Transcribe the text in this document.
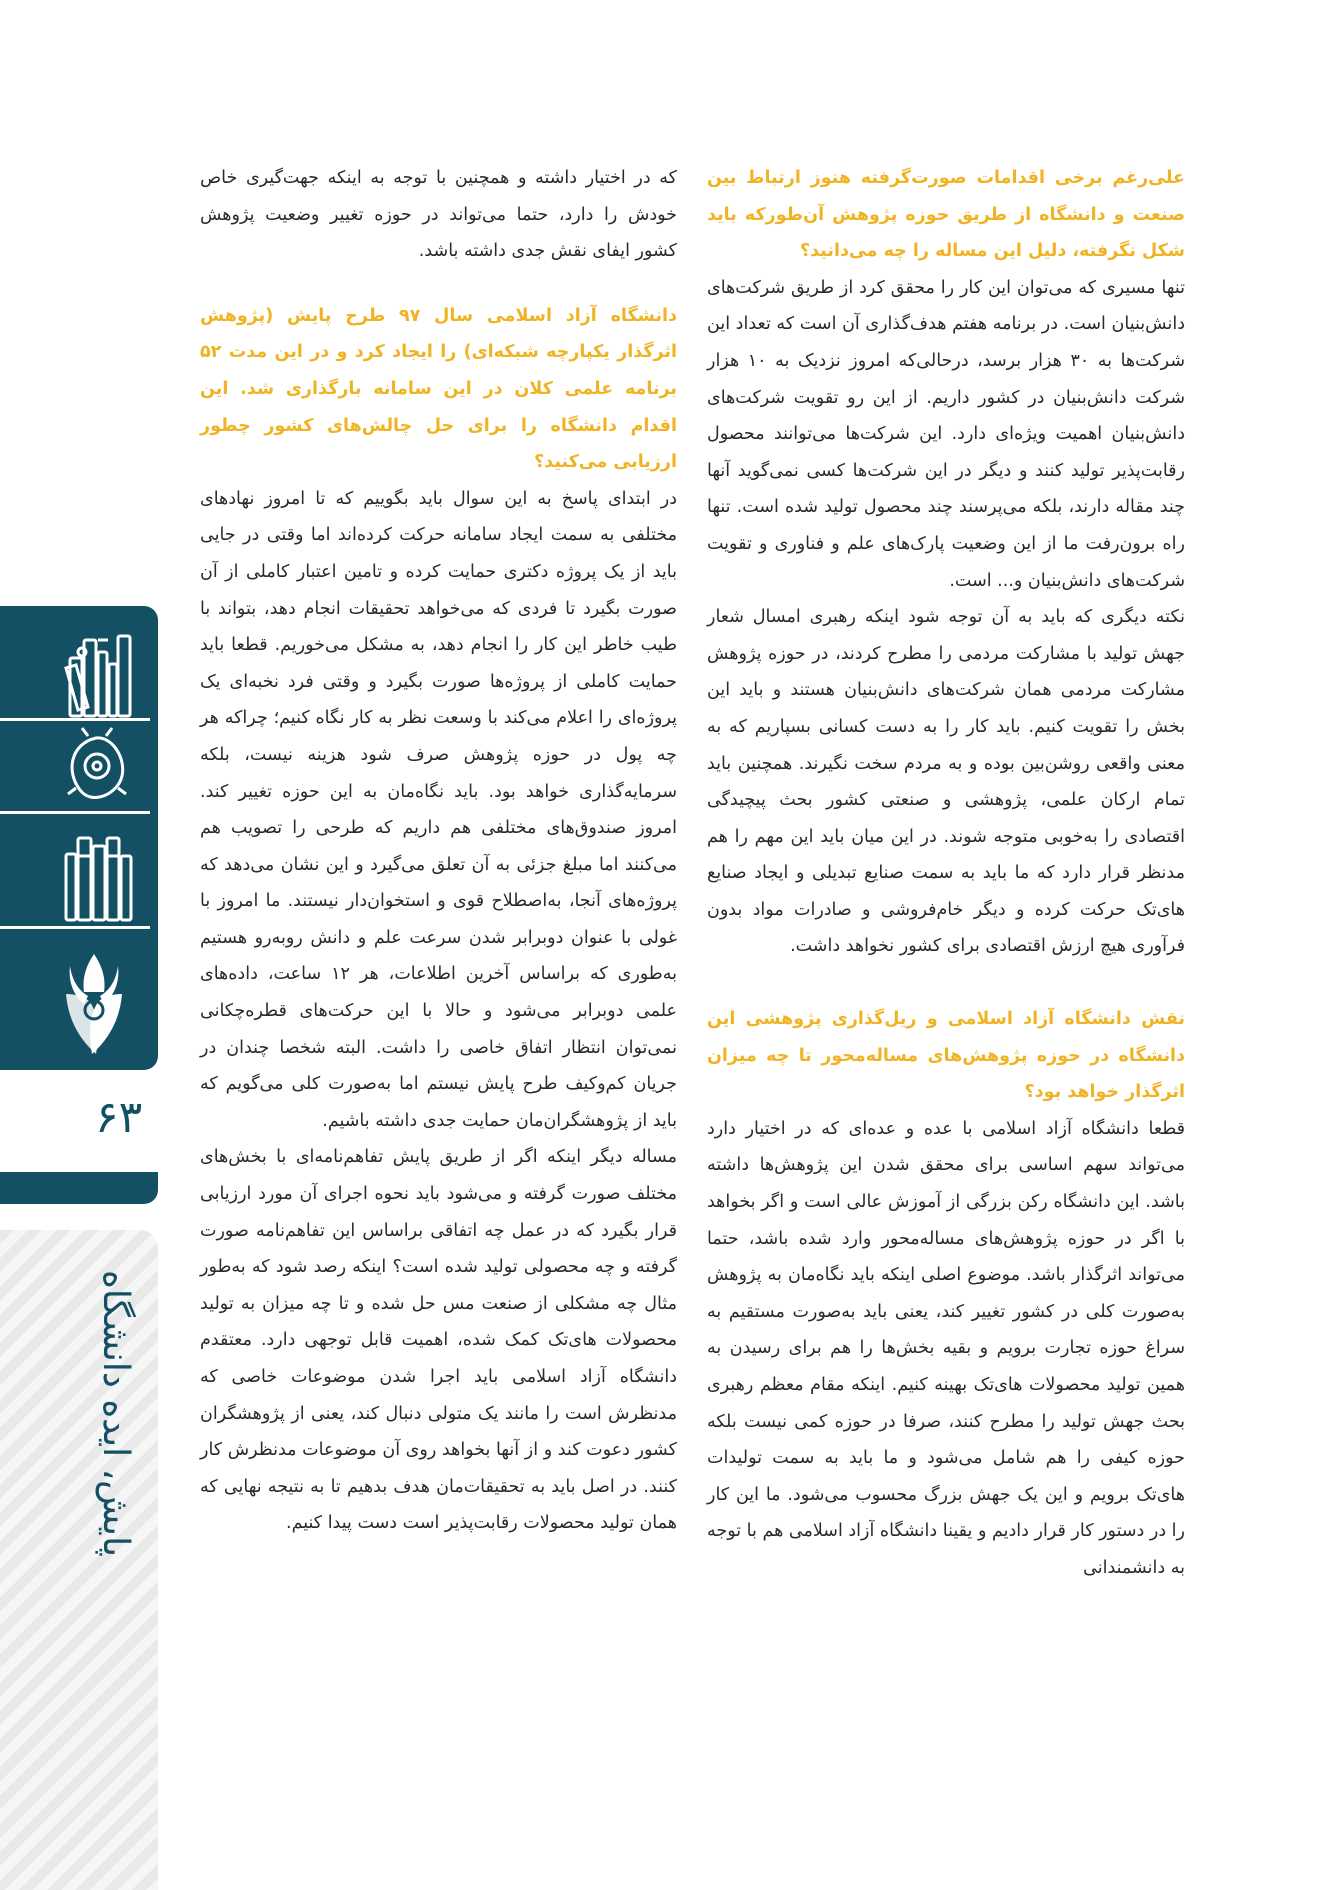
علی‌رغم برخی اقدامات صورت‌گرفته هنوز ارتباط بین صنعت و دانشگاه از طریق حوزه پژوهش آن‌طورکه باید شکل نگرفته، دلیل این مساله را چه می‌دانید؟

تنها مسیری که می‌توان این کار را محقق کرد از طریق شرکت‌های دانش‌بنیان است. در برنامه هفتم هدف‌گذاری آن است که تعداد این شرکت‌ها به ۳۰ هزار برسد، درحالی‌که امروز نزدیک به ۱۰ هزار شرکت دانش‌بنیان در کشور داریم. از این رو تقویت شرکت‌های دانش‌بنیان اهمیت ویژه‌ای دارد. این شرکت‌ها می‌توانند محصول رقابت‌پذیر تولید کنند و دیگر در این شرکت‌ها کسی نمی‌گوید آنها چند مقاله دارند، بلکه می‌پرسند چند محصول تولید شده است. تنها راه برون‌رفت ما از این وضعیت پارک‌های علم و فناوری و تقویت شرکت‌های دانش‌بنیان و... است.

نکته دیگری که باید به آن توجه شود اینکه رهبری امسال شعار جهش تولید با مشارکت مردمی را مطرح کردند، در حوزه پژوهش مشارکت مردمی همان شرکت‌های دانش‌بنیان هستند و باید این بخش را تقویت کنیم. باید کار را به دست کسانی بسپاریم که به معنی واقعی روشن‌بین بوده و به مردم سخت نگیرند. همچنین باید تمام ارکان علمی، پژوهشی و صنعتی کشور بحث پیچیدگی اقتصادی را به‌خوبی متوجه شوند. در این میان باید این مهم را هم مدنظر قرار دارد که ما باید به سمت صنایع تبدیلی و ایجاد صنایع های‌تک حرکت کرده و دیگر خام‌فروشی و صادرات مواد بدون فرآوری هیچ ارزش اقتصادی برای کشور نخواهد داشت.

نقش دانشگاه آزاد اسلامی و ریل‌گذاری پژوهشی این دانشگاه در حوزه پژوهش‌های مساله‌محور تا چه میزان اثرگذار خواهد بود؟

قطعا دانشگاه آزاد اسلامی با عده و عده‌ای که در اختیار دارد می‌تواند سهم اساسی برای محقق شدن این پژوهش‌ها داشته باشد. این دانشگاه رکن بزرگی از آموزش عالی است و اگر بخواهد با اگر در حوزه پژوهش‌های مساله‌محور وارد شده باشد، حتما می‌تواند اثرگذار باشد. موضوع اصلی اینکه باید نگاه‌مان به پژوهش به‌صورت کلی در کشور تغییر کند، یعنی باید به‌صورت مستقیم به سراغ حوزه تجارت برویم و بقیه بخش‌ها را هم برای رسیدن به همین تولید محصولات های‌تک بهینه کنیم. اینکه مقام معظم رهبری بحث جهش تولید را مطرح کنند، صرفا در حوزه کمی نیست بلکه حوزه کیفی را هم شامل می‌شود و ما باید به سمت تولیدات های‌تک برویم و این یک جهش بزرگ محسوب می‌شود. ما این کار را در دستور کار قرار دادیم و یقینا دانشگاه آزاد اسلامی هم با توجه به دانشمندانی

که در اختیار داشته و همچنین با توجه به اینکه جهت‌گیری خاص خودش را دارد، حتما می‌تواند در حوزه تغییر وضعیت پژوهش کشور ایفای نقش جدی داشته باشد.

دانشگاه آزاد اسلامی سال ۹۷ طرح پایش (پژوهش اثرگذار یکپارچه شبکه‌ای) را ایجاد کرد و در این مدت ۵۲ برنامه علمی کلان در این سامانه بارگذاری شد. این اقدام دانشگاه را برای حل چالش‌های کشور چطور ارزیابی می‌کنید؟

در ابتدای پاسخ به این سوال باید بگوییم که تا امروز نهادهای مختلفی به سمت ایجاد سامانه حرکت کرده‌اند اما وقتی در جایی باید از یک پروژه دکتری حمایت کرده و تامین اعتبار کاملی از آن صورت بگیرد تا فردی که می‌خواهد تحقیقات انجام دهد، بتواند با طیب خاطر این کار را انجام دهد، به مشکل می‌خوریم. قطعا باید حمایت کاملی از پروژه‌ها صورت بگیرد و وقتی فرد نخبه‌ای یک پروژه‌ای را اعلام می‌کند با وسعت نظر به کار نگاه کنیم؛ چراکه هر چه پول در حوزه پژوهش صرف شود هزینه نیست، بلکه سرمایه‌گذاری خواهد بود. باید نگاه‌مان به این حوزه تغییر کند. امروز صندوق‌های مختلفی هم داریم که طرحی را تصویب هم می‌کنند اما مبلغ جزئی به آن تعلق می‌گیرد و این نشان می‌دهد که پروژه‌های آنجا، به‌اصطلاح قوی و استخوان‌دار نیستند. ما امروز با غولی با عنوان دوبرابر شدن سرعت علم و دانش روبه‌رو هستیم به‌طوری که براساس آخرین اطلاعات، هر ۱۲ ساعت، داده‌های علمی دوبرابر می‌شود و حالا با این حرکت‌های قطره‌چکانی نمی‌توان انتظار اتفاق خاصی را داشت. البته شخصا چندان در جریان کم‌وکیف طرح پایش نیستم اما به‌صورت کلی می‌گویم که باید از پژوهشگران‌مان حمایت جدی داشته باشیم.

مساله دیگر اینکه اگر از طریق پایش تفاهم‌نامه‌ای با بخش‌های مختلف صورت گرفته و می‌شود باید نحوه اجرای آن مورد ارزیابی قرار بگیرد که در عمل چه اتفاقی براساس این تفاهم‌نامه صورت گرفته و چه محصولی تولید شده است؟ اینکه رصد شود که به‌طور مثال چه مشکلی از صنعت مس حل شده و تا چه میزان به تولید محصولات های‌تک کمک شده، اهمیت قابل توجهی دارد. معتقدم دانشگاه آزاد اسلامی باید اجرا شدن موضوعات خاصی که مدنظرش است را مانند یک متولی دنبال کند، یعنی از پژوهشگران کشور دعوت کند و از آنها بخواهد روی آن موضوعات مدنظرش کار کنند. در اصل باید به تحقیقات‌مان هدف بدهیم تا به نتیجه نهایی که همان تولید محصولات رقابت‌پذیر است دست پیدا کنیم.

۶۳
پایش، ایده دانشگاه
